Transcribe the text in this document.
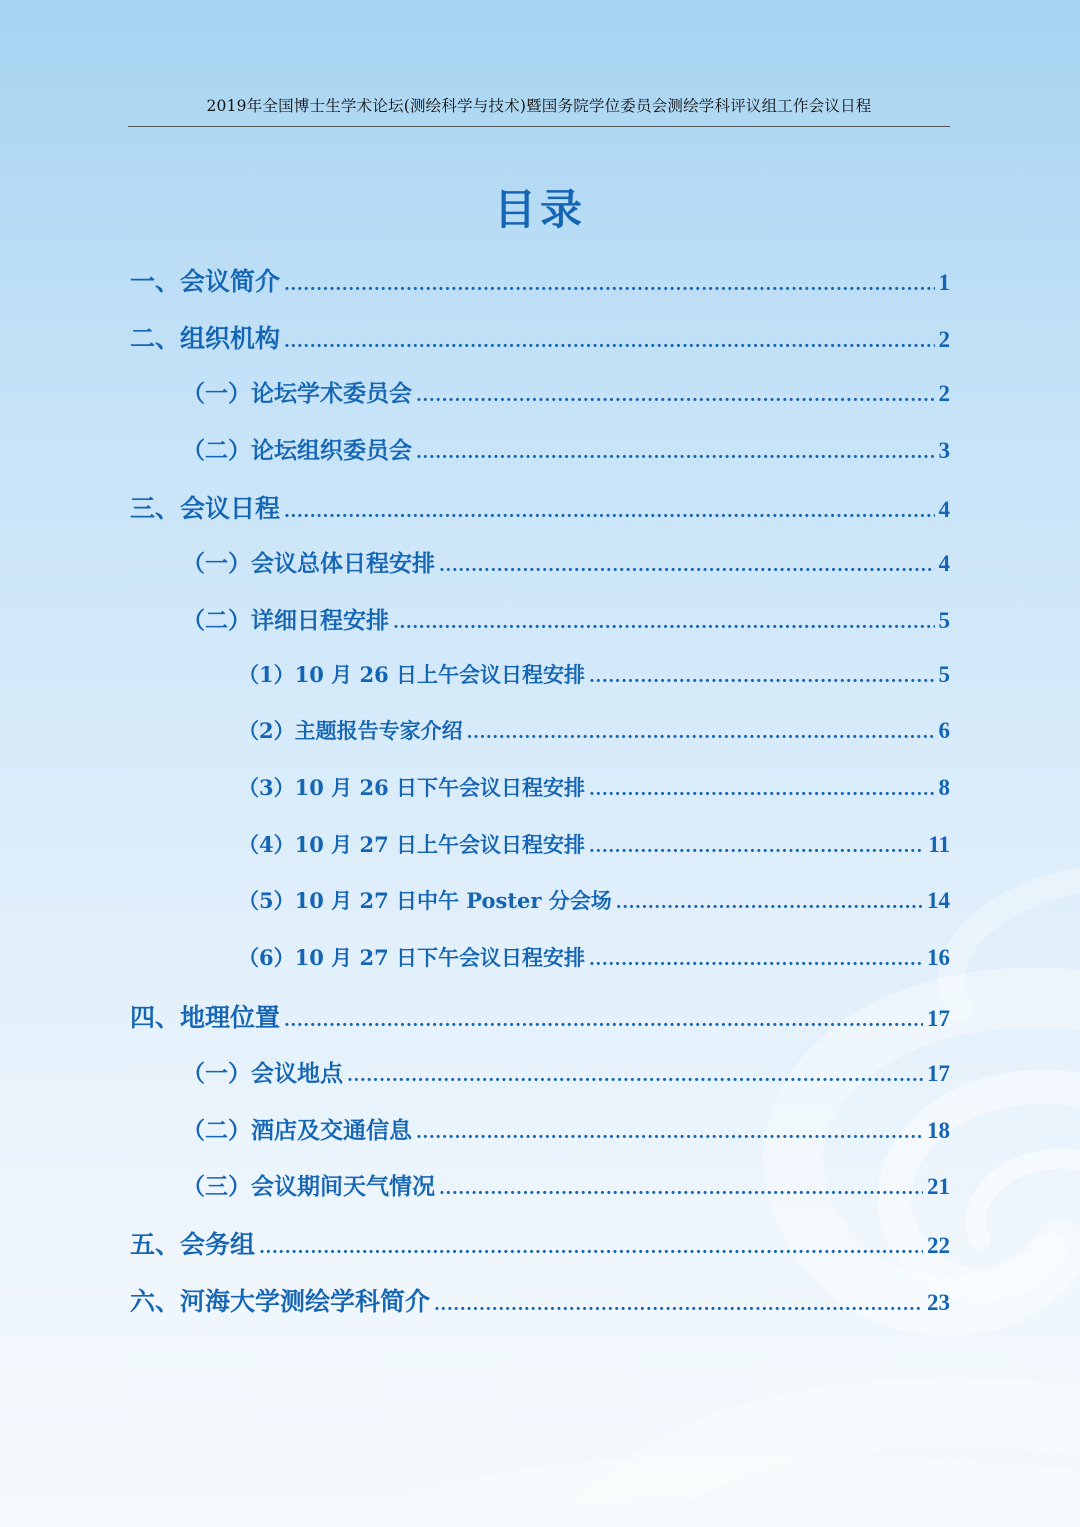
2019年全国博士生学术论坛(测绘科学与技术)暨国务院学位委员会测绘学科评议组工作会议日程
目录
一、会议简介 .....	1
二、组织机构 .....	2
（一）论坛学术委员会 .....	2
（二）论坛组织委员会 .....	3
三、会议日程 .....	4
（一）会议总体日程安排 .....	4
（二）详细日程安排 .....	5
（1）10 月 26 日上午会议日程安排 .....	5
（2）主题报告专家介绍 .....	6
（3）10 月 26 日下午会议日程安排 .....	8
（4）10 月 27 日上午会议日程安排 .....	11
（5）10 月 27 日中午 Poster 分会场 .....	14
（6）10 月 27 日下午会议日程安排 .....	16
四、地理位置 .....	17
（一）会议地点 .....	17
（二）酒店及交通信息 .....	18
（三）会议期间天气情况 .....	21
五、会务组 .....	22
六、河海大学测绘学科简介 .....	23
